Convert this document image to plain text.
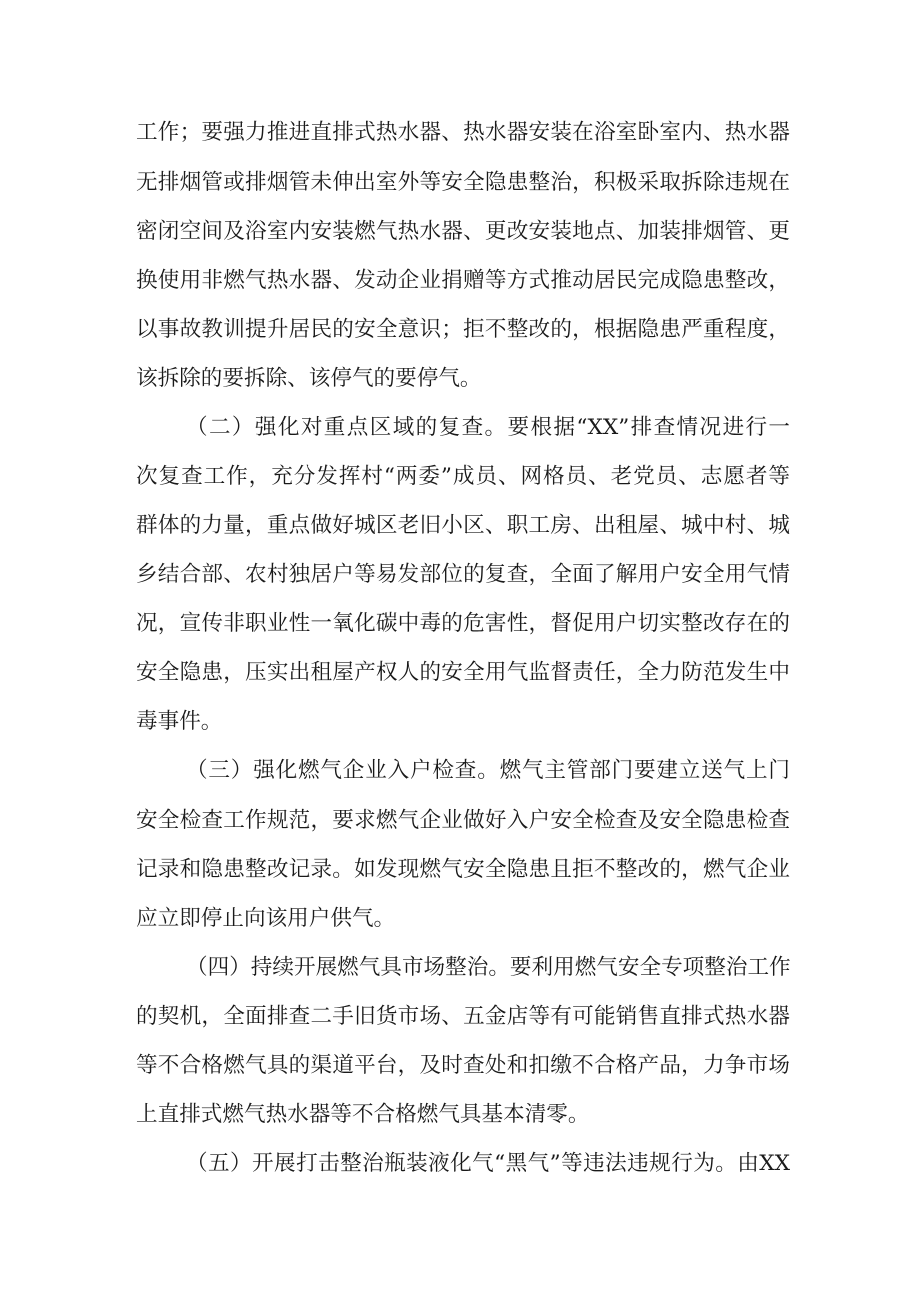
工作；要强力推进直排式热水器、热水器安装在浴室卧室内、热水器

无排烟管或排烟管未伸出室外等安全隐患整治，积极采取拆除违规在

密闭空间及浴室内安装燃气热水器、更改安装地点、加装排烟管、更

换使用非燃气热水器、发动企业捐赠等方式推动居民完成隐患整改，

以事故教训提升居民的安全意识；拒不整改的，根据隐患严重程度，

该拆除的要拆除、该停气的要停气。

（二）强化对重点区域的复查。要根据“XX”排查情况进行一

次复查工作，充分发挥村“两委”成员、网格员、老党员、志愿者等

群体的力量，重点做好城区老旧小区、职工房、出租屋、城中村、城

乡结合部、农村独居户等易发部位的复查，全面了解用户安全用气情

况，宣传非职业性一氧化碳中毒的危害性，督促用户切实整改存在的

安全隐患，压实出租屋产权人的安全用气监督责任，全力防范发生中

毒事件。

（三）强化燃气企业入户检查。燃气主管部门要建立送气上门

安全检查工作规范，要求燃气企业做好入户安全检查及安全隐患检查

记录和隐患整改记录。如发现燃气安全隐患且拒不整改的，燃气企业

应立即停止向该用户供气。

（四）持续开展燃气具市场整治。要利用燃气安全专项整治工作

的契机，全面排查二手旧货市场、五金店等有可能销售直排式热水器

等不合格燃气具的渠道平台，及时查处和扣缴不合格产品，力争市场

上直排式燃气热水器等不合格燃气具基本清零。

（五）开展打击整治瓶装液化气“黑气”等违法违规行为。由XX
